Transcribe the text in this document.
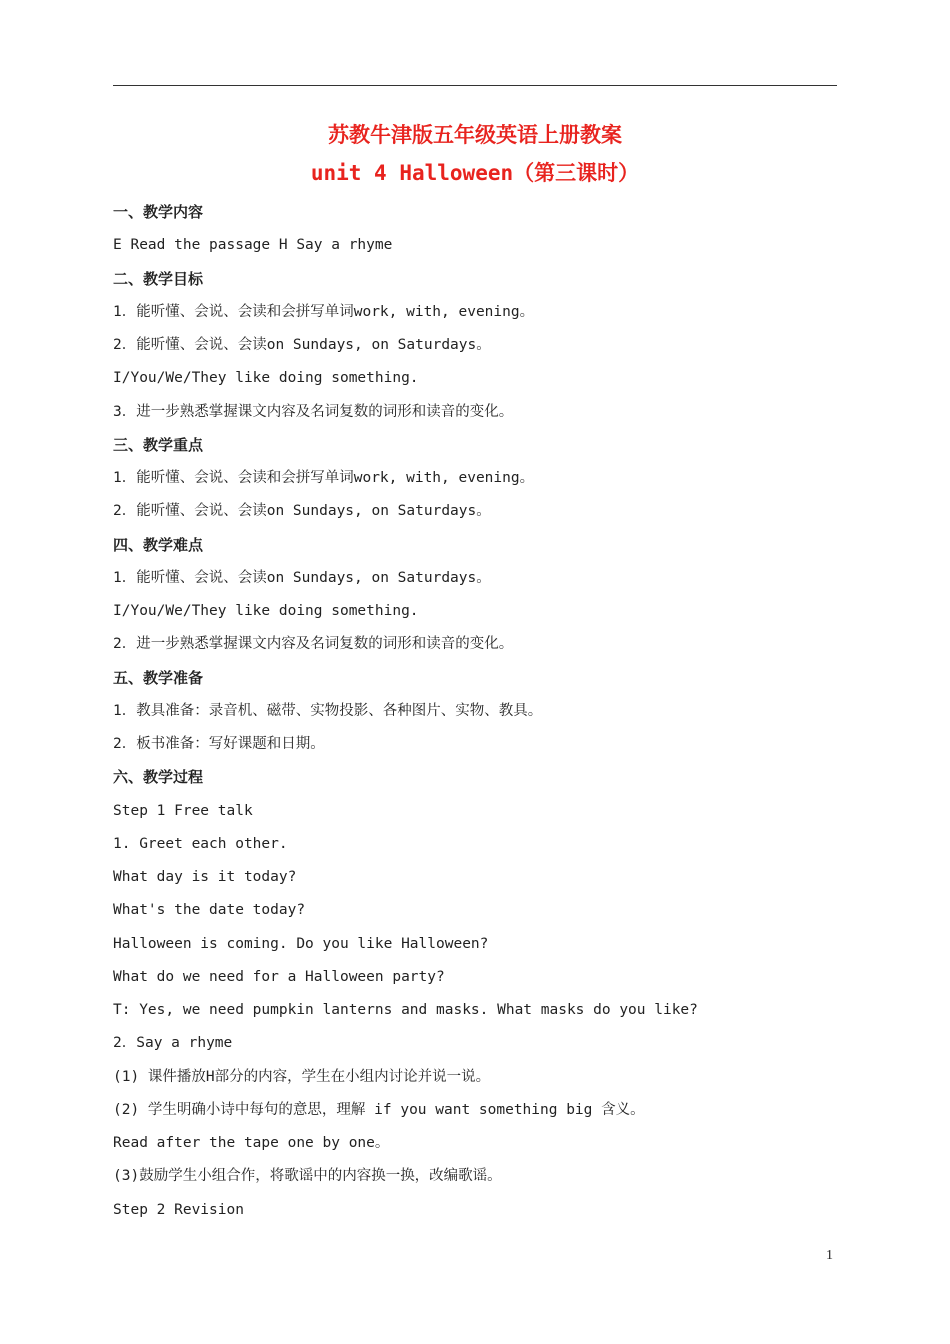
苏教牛津版五年级英语上册教案
unit 4 Halloween（第三课时）
一、教学内容
E Read the passage H Say a rhyme
二、教学目标
1．能听懂、会说、会读和会拼写单词work, with, evening。
2．能听懂、会说、会读on Sundays, on Saturdays。
I/You/We/They like doing something.
3．进一步熟悉掌握课文内容及名词复数的词形和读音的变化。
三、教学重点
1．能听懂、会说、会读和会拼写单词work, with, evening。
2．能听懂、会说、会读on Sundays, on Saturdays。
四、教学难点
1．能听懂、会说、会读on Sundays, on Saturdays。
I/You/We/They like doing something.
2．进一步熟悉掌握课文内容及名词复数的词形和读音的变化。
五、教学准备
1．教具准备：录音机、磁带、实物投影、各种图片、实物、教具。
2．板书准备：写好课题和日期。
六、教学过程
Step 1 Free talk
1. Greet each other.
What day is it today?
What's the date today?
Halloween is coming. Do you like Halloween?
What do we need for a Halloween party?
T: Yes, we need pumpkin lanterns and masks. What masks do you like?
2．Say a rhyme
(1) 课件播放H部分的内容，学生在小组内讨论并说一说。
(2) 学生明确小诗中每句的意思，理解 if you want something big 含义。
Read after the tape one by one。
(3)鼓励学生小组合作，将歌谣中的内容换一换，改编歌谣。
Step 2 Revision
1
